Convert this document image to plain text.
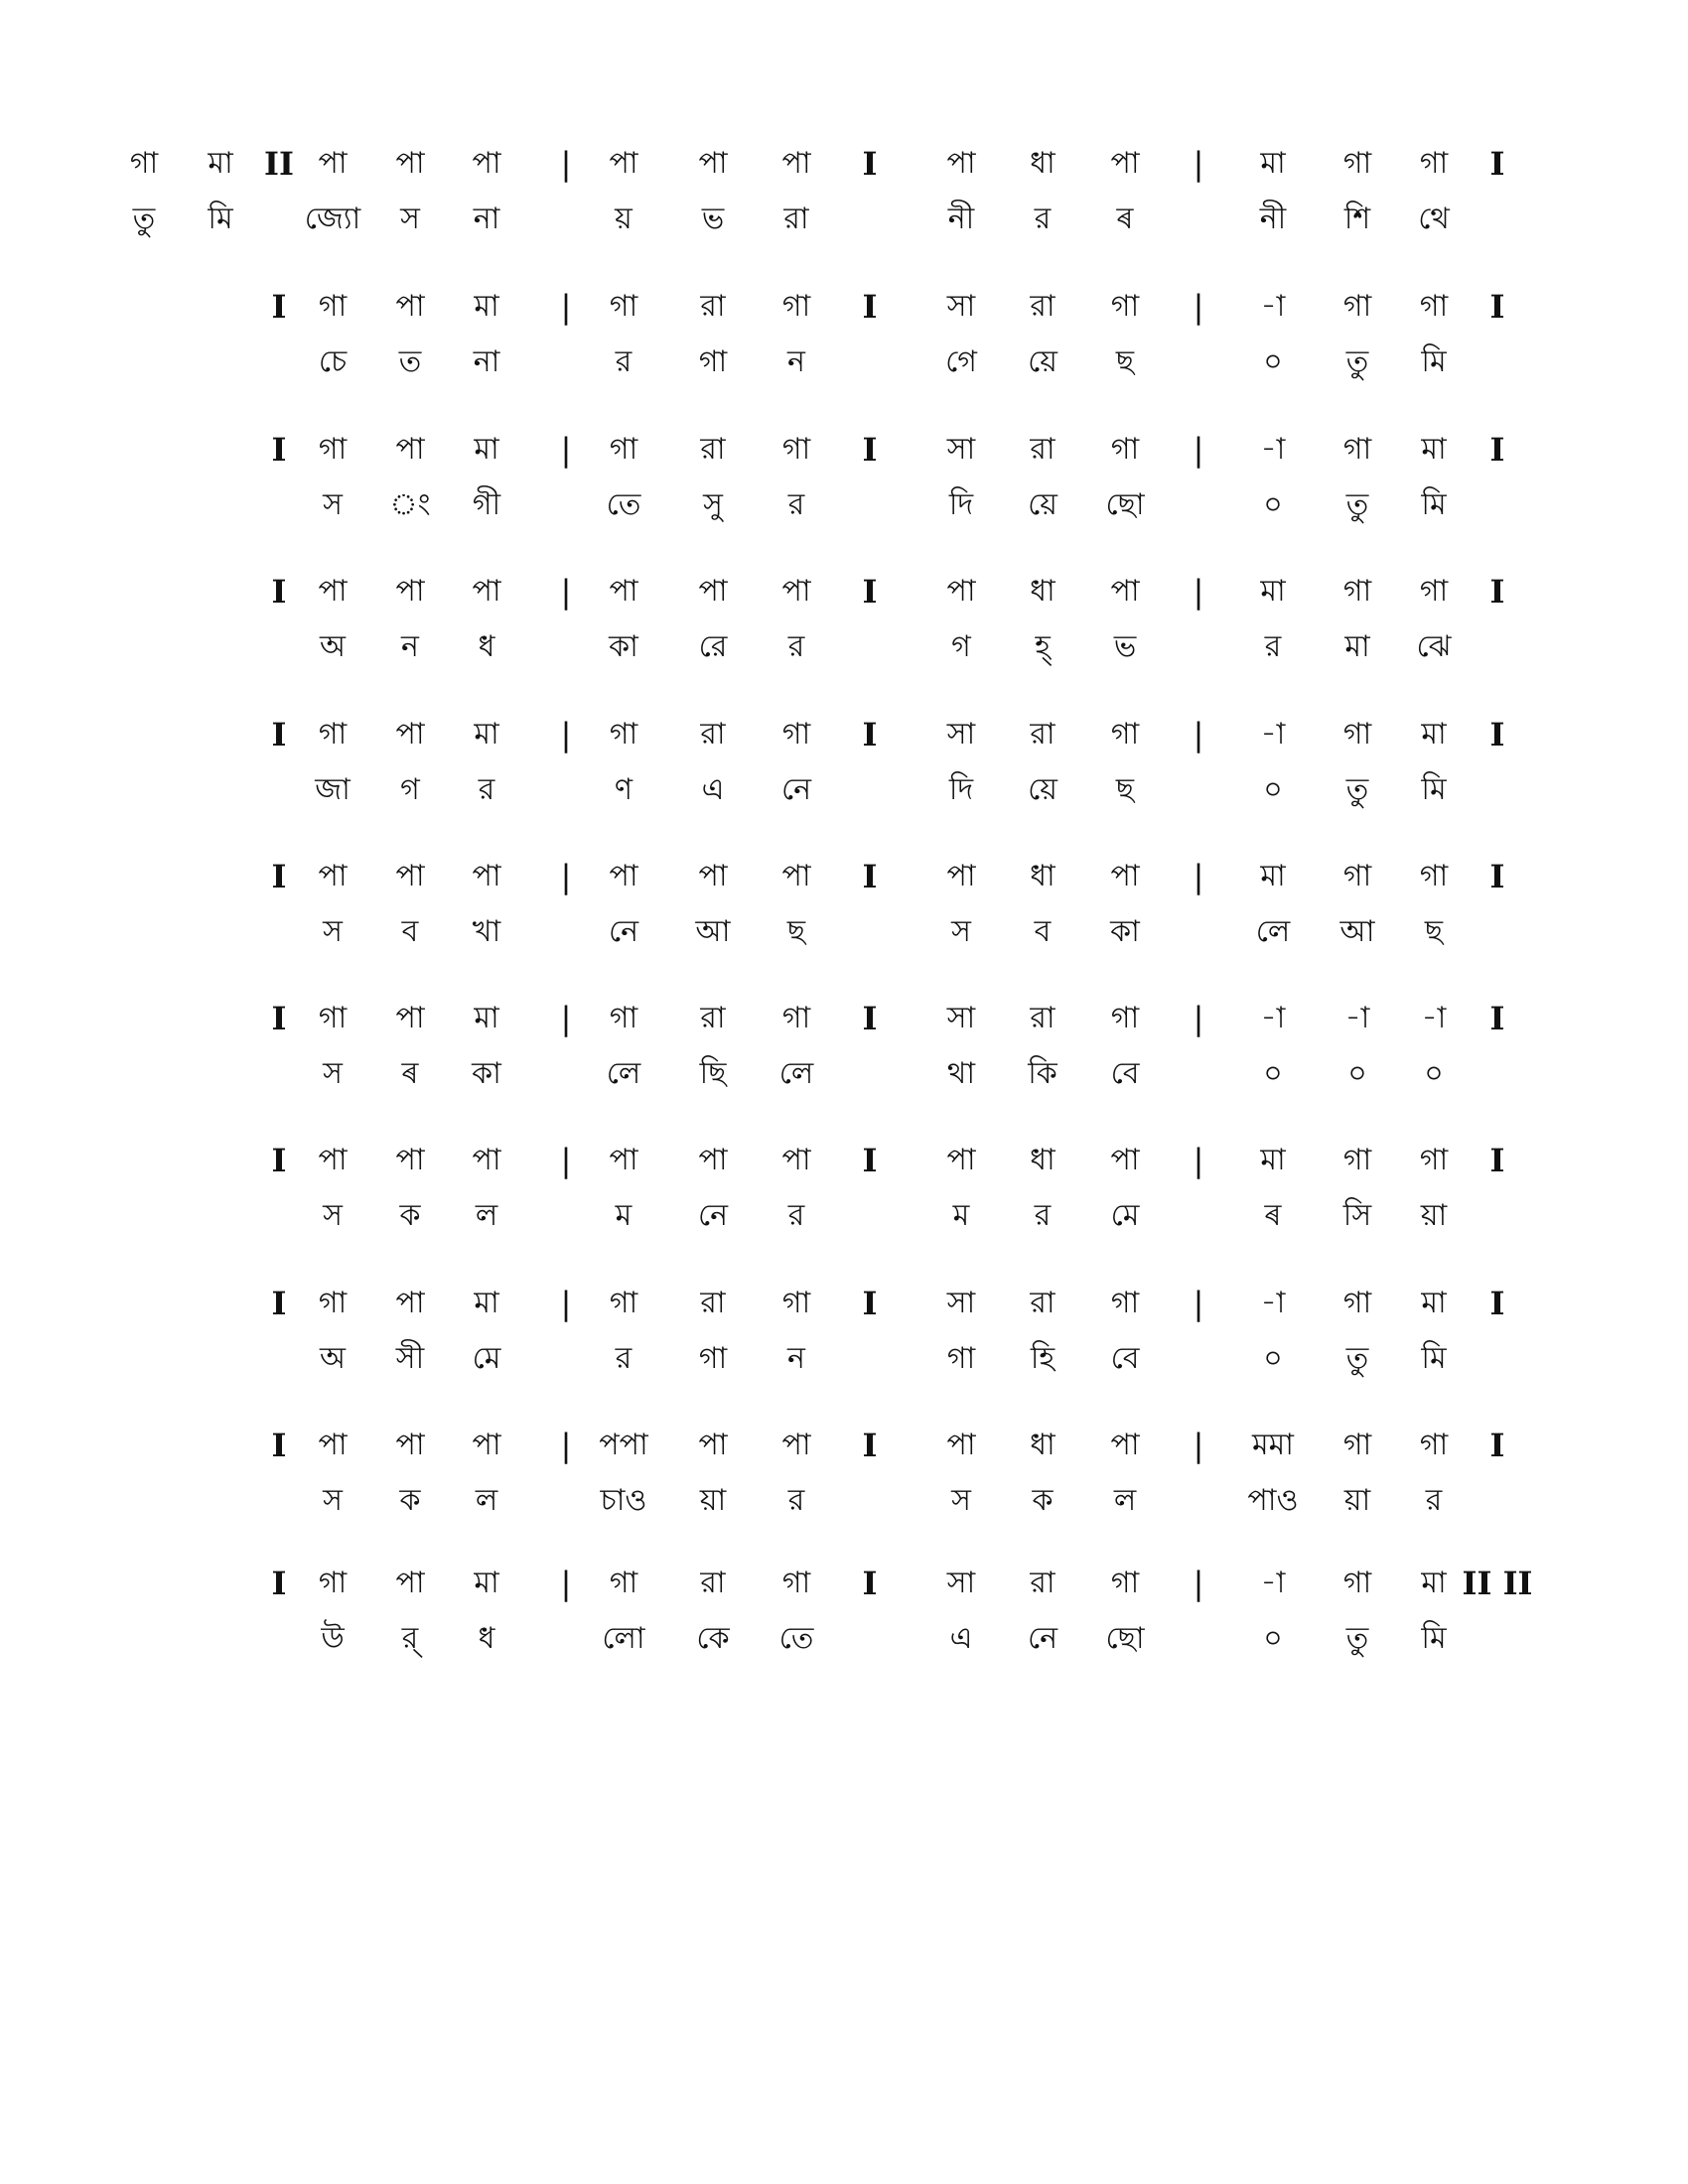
গা মা II পা পা পা | পা পা পা I পা ধা পা | মা গা গা I
তু মি জ্যো স না	য় ভ রা	নী র ৰ	নী শি থে
I গা পা মা | গা রা গা I সা রা গা | -া গা গা I
চে ত না	র গা ন	গে য়ে ছ	০ তু মি
I গা পা মা | গা রা গা I সা রা গা | -া গা মা I
স ং গী	তে সু র	দি য়ে ছো	০ তু মি
I পা পা পা | পা পা পা I পা ধা পা | মা গা গা I
অ ন ধ	কা রে র	গ হ্ ভ	র মা ঝে
I গা পা মা | গা রা গা I সা রা গা | -া গা মা I
জা গ র	ণ এ নে	দি য়ে ছ	০ তু মি
I পা পা পা | পা পা পা I পা ধা পা | মা গা গা I
স ব খা	নে আ ছ	স ব কা	লে আ ছ
I গা পা মা | গা রা গা I সা রা গা | -া -া -া I
স ৰ কা	লে ছি লে	থা কি বে	০ ০ ০
I পা পা পা | পা পা পা I পা ধা পা | মা গা গা I
স ক ল	ম নে র	ম র মে	ৰ সি য়া
I গা পা মা | গা রা গা I সা রা গা | -া গা মা I
অ সী মে	র গা ন	গা হি বে	০ তু মি
I পা পা পা | পপা পা পা I পা ধা পা | মমা গা গা I
স ক ল	চাও য়া র	স ক ল	পাও য়া র
I গা পা মা | গা রা গা I সা রা গা | -া গা মা II II
উ র্ ধ	লো কে তে	এ নে ছো	০ তু মি
